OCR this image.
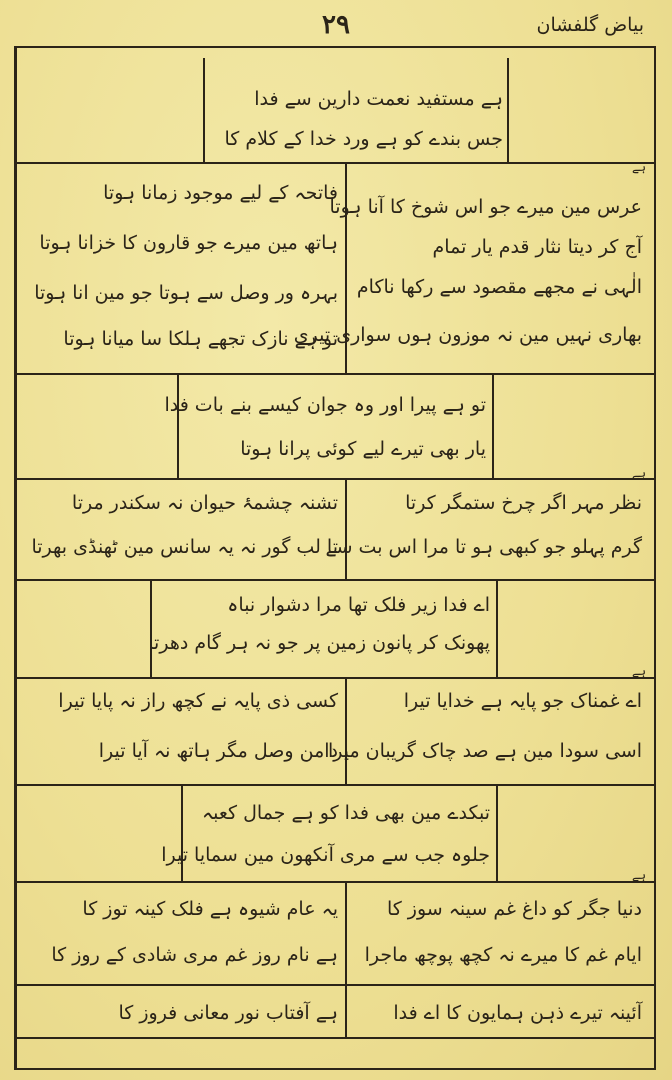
۲۹	بیاض گلفشان
ہے مستفید نعمت دارین سے فدا
جس بندے کو ہے ورد خدا کے کلام کا
ہے
عرس مین میرے جو اس شوخ کا آنا ہوتا
آج کر دیتا نثار قدم یار تمام
الٰہی نے مجھے مقصود سے رکھا ناکام
بھاری نہیں مین نہ موزون ہوں سواری تیری
فاتحہ کے لیے موجود زمانا ہوتا
ہاتھ مین میرے جو قارون کا خزانا ہوتا
بہرہ ور وصل سے ہوتا جو مین انا ہوتا
تو ہے نازک تجھے ہلکا سا میانا ہوتا
تو ہے پیرا اور وہ جوان کیسے بنے بات فدا
یار بھی تیرے لیے کوئی پرانا ہوتا
ہے
نظر مہر اگر چرخ ستمگر کرتا
گرم پہلو جو کبھی ہو تا مرا اس بت سے
تشنہ چشمۂ حیوان نہ سکندر مرتا
تا لب گور نہ یہ سانس مین ٹھنڈی بھرتا
اے فدا زیر فلک تھا مرا دشوار نباہ
پھونک کر پانون زمین پر جو نہ ہر گام دھرتا
ہے
اے غمناک جو پایہ ہے خدایا تیرا
اسی سودا مین ہے صد چاک گریبان میرا
کسی ذی پایہ نے کچھ راز نہ پایا تیرا
دامن وصل مگر ہاتھ نہ آیا تیرا
تبکدے مین بھی فدا کو ہے جمال کعبہ
جلوہ جب سے مری آنکھون مین سمایا تیرا
ہے
دنیا جگر کو داغ غم سینہ سوز کا
ایام غم کا میرے نہ کچھ پوچھ ماجرا
یہ عام شیوہ ہے فلک کینہ توز کا
ہے نام روز غم مری شادی کے روز کا
آئینہ تیرے ذہن ہمایون کا اے فدا
ہے آفتاب نور معانی فروز کا
